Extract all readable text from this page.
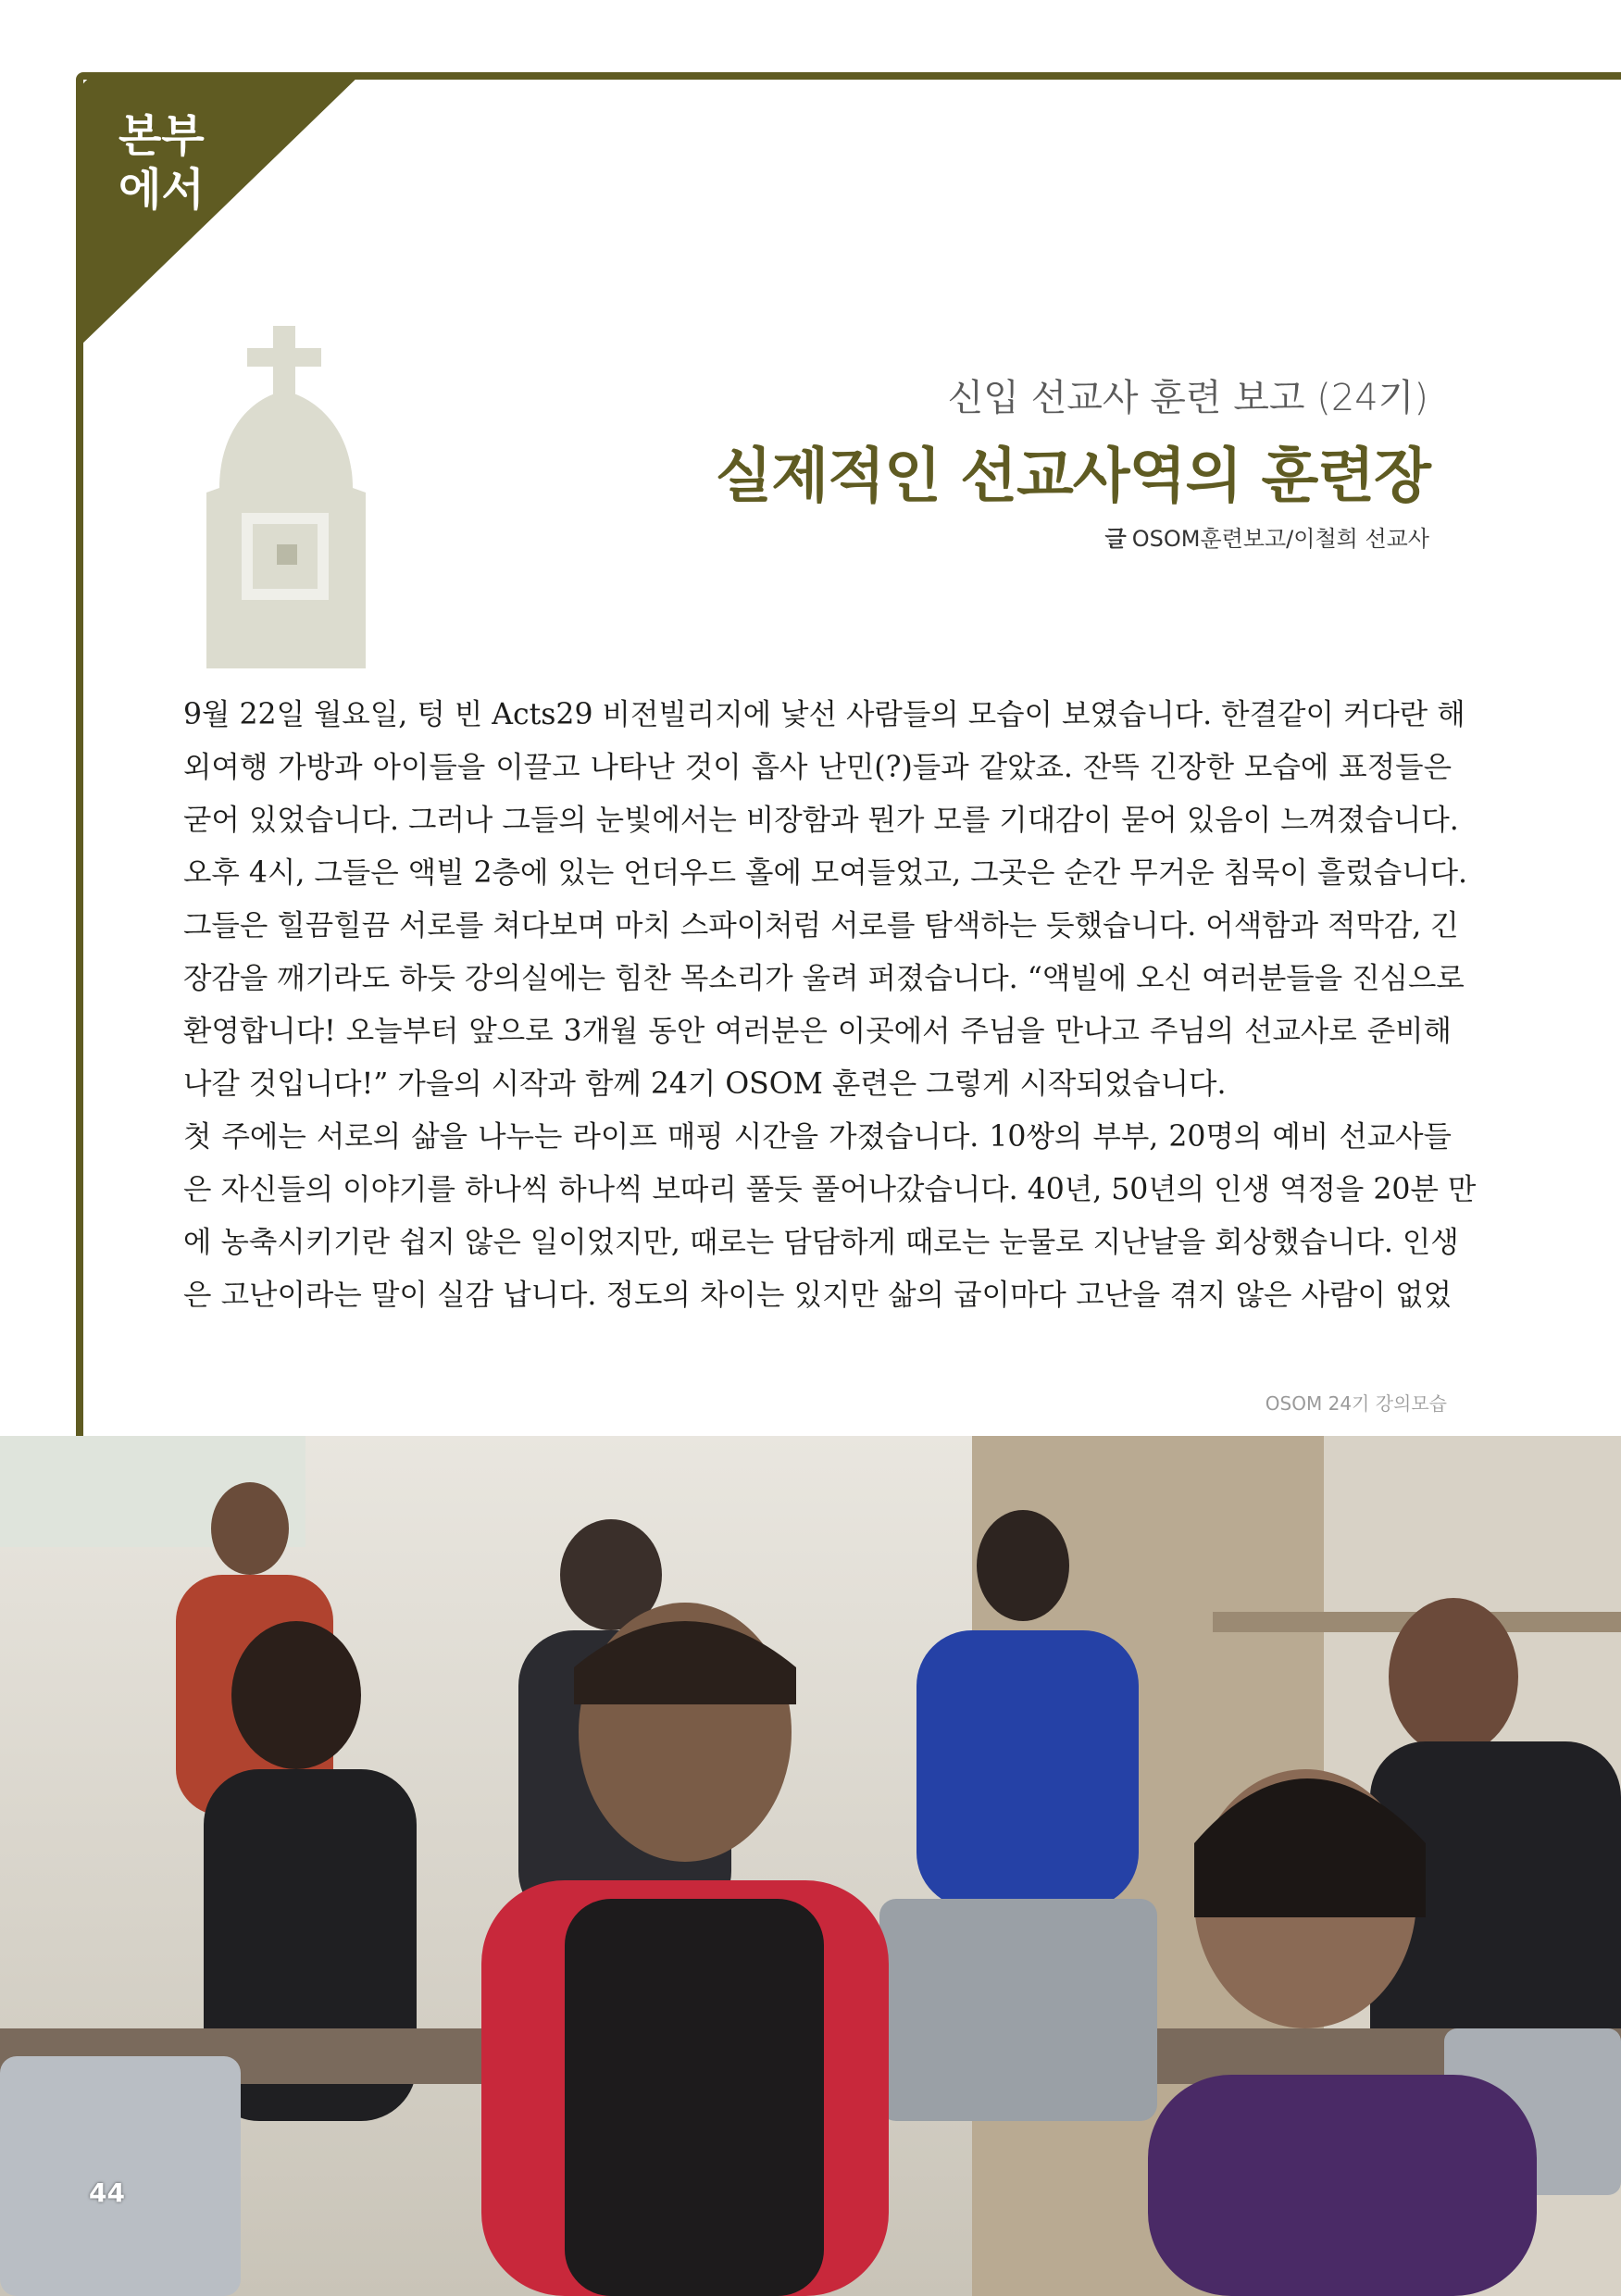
본부
에서
신입 선교사 훈련 보고 (24기)
실제적인 선교사역의 훈련장
글 OSOM훈련보고/이철희 선교사

9월 22일 월요일, 텅 빈 Acts29 비전빌리지에 낯선 사람들의 모습이 보였습니다. 한결같이 커다란 해

외여행 가방과 아이들을 이끌고 나타난 것이 흡사 난민(?)들과 같았죠. 잔뜩 긴장한 모습에 표정들은

굳어 있었습니다. 그러나 그들의 눈빛에서는 비장함과 뭔가 모를 기대감이 묻어 있음이 느껴졌습니다.

오후 4시, 그들은 액빌 2층에 있는 언더우드 홀에 모여들었고, 그곳은 순간 무거운 침묵이 흘렀습니다.

그들은 힐끔힐끔 서로를 쳐다보며 마치 스파이처럼 서로를 탐색하는 듯했습니다. 어색함과 적막감, 긴

장감을 깨기라도 하듯 강의실에는 힘찬 목소리가 울려 퍼졌습니다. “액빌에 오신 여러분들을 진심으로

환영합니다! 오늘부터 앞으로 3개월 동안 여러분은 이곳에서 주님을 만나고 주님의 선교사로 준비해

나갈 것입니다!” 가을의 시작과 함께 24기 OSOM 훈련은 그렇게 시작되었습니다.

첫 주에는 서로의 삶을 나누는 라이프 매핑 시간을 가졌습니다. 10쌍의 부부, 20명의 예비 선교사들

은 자신들의 이야기를 하나씩 하나씩 보따리 풀듯 풀어나갔습니다. 40년, 50년의 인생 역정을 20분 만

에 농축시키기란 쉽지 않은 일이었지만, 때로는 담담하게 때로는 눈물로 지난날을 회상했습니다. 인생

은 고난이라는 말이 실감 납니다. 정도의 차이는 있지만 삶의 굽이마다 고난을 겪지 않은 사람이 없었

OSOM 24기 강의모습
44
